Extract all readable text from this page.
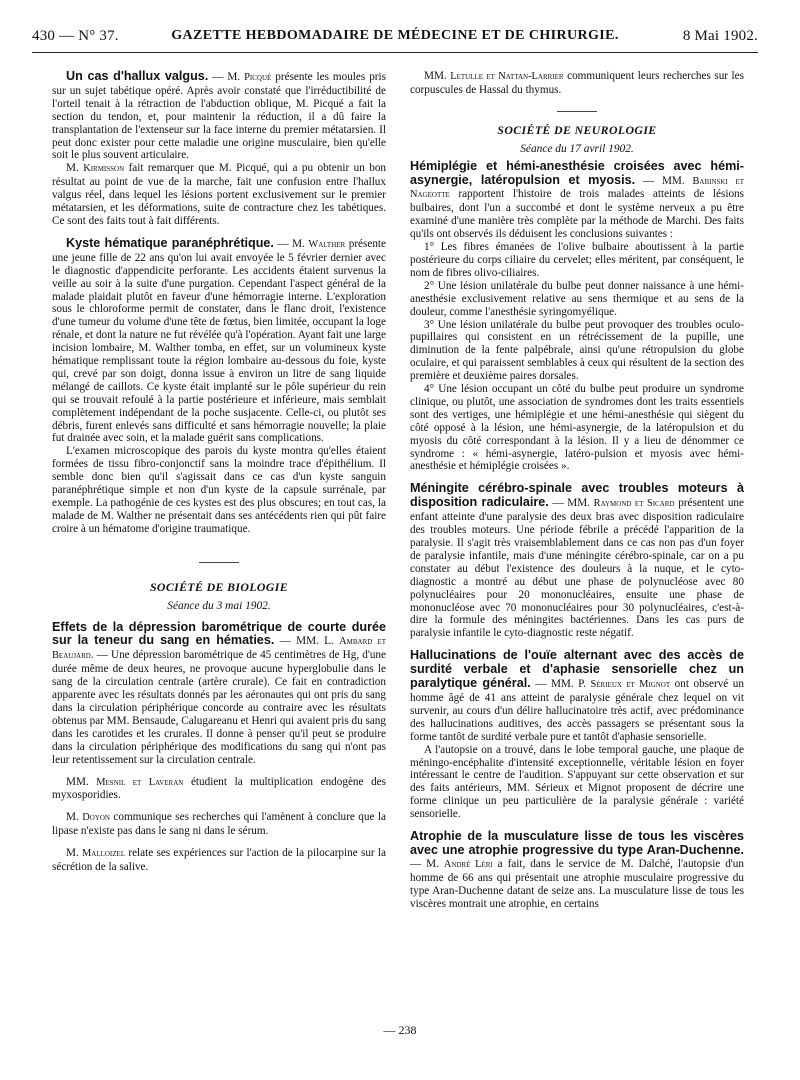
430 — N° 37.	GAZETTE HEBDOMADAIRE DE MÉDECINE ET DE CHIRURGIE.	8 Mai 1902.

Un cas d'hallux valgus. — M. Picqué présente les moules pris sur un sujet tabétique opéré. Après avoir constaté que l'irréductibilité de l'orteil tenait à la rétraction de l'abduction oblique, M. Picqué a fait la section du tendon, et, pour maintenir la réduction, il a dû faire la transplantation de l'extenseur sur la face interne du premier métatarsien. Il peut donc exister pour cette maladie une origine musculaire, bien qu'elle soit le plus souvent articulaire.

M. Kirmisson fait remarquer que M. Picqué, qui a pu obtenir un bon résultat au point de vue de la marche, fait une confusion entre l'hallux valgus réel, dans lequel les lésions portent exclusivement sur le premier métatarsien, et les déformations, suite de contracture chez les tabétiques. Ce sont des faits tout à fait différents.

Kyste hématique paranéphrétique. — M. Walther présente une jeune fille de 22 ans qu'on lui avait envoyée le 5 février dernier avec le diagnostic d'appendicite perforante. Les accidents étaient survenus la veille au soir à la suite d'une purgation. Cependant l'aspect général de la malade plaidait plutôt en faveur d'une hémorragie interne. L'exploration sous le chloroforme permit de constater, dans le flanc droit, l'existence d'une tumeur du volume d'une tête de fœtus, bien limitée, occupant la loge rénale, et dont la nature ne fut révélée qu'à l'opération. Ayant fait une large incision lombaire, M. Walther tomba, en effet, sur un volumineux kyste hématique remplissant toute la région lombaire au-dessous du foie, kyste qui, crevé par son doigt, donna issue à environ un litre de sang liquide mélangé de caillots. Ce kyste était implanté sur le pôle supérieur du rein qui se trouvait refoulé à la partie postérieure et inférieure, mais semblait complètement indépendant de la poche susjacente. Celle-ci, ou plutôt ses débris, furent enlevés sans difficulté et sans hémorragie nouvelle; la plaie fut drainée avec soin, et la malade guérit sans complications.

L'examen microscopique des parois du kyste montra qu'elles étaient formées de tissu fibro-conjonctif sans la moindre trace d'épithélium. Il semble donc bien qu'il s'agissait dans ce cas d'un kyste sanguin paranéphrétique simple et non d'un kyste de la capsule surrénale, par exemple. La pathogénie de ces kystes est des plus obscures; en tout cas, la malade de M. Walther ne présentait dans ses antécédents rien qui pût faire croire à un hématome d'origine traumatique.

SOCIÉTÉ DE BIOLOGIE
Séance du 3 mai 1902.

Effets de la dépression barométrique de courte durée sur la teneur du sang en hématies. — MM. L. Ambard et Beaujard. — Une dépression barométrique de 45 centimètres de Hg, d'une durée même de deux heures, ne provoque aucune hyperglobulie dans le sang de la circulation centrale (artère crurale). Ce fait en contradiction apparente avec les résultats donnés par les aéronautes qui ont pris du sang dans la circulation périphérique concorde au contraire avec les résultats obtenus par MM. Bensaude, Calugareanu et Henri qui avaient pris du sang dans les carotides et les crurales. Il donne à penser qu'il peut se produire dans la circulation périphérique des modifications du sang qui n'ont pas leur retentissement sur la circulation centrale.

MM. Mesnil et Laveran étudient la multiplication endogène des myxosporidies.

M. Doyon communique ses recherches qui l'amènent à conclure que la lipase n'existe pas dans le sang ni dans le sérum.

M. Malloizel relate ses expériences sur l'action de la pilocarpine sur la sécrétion de la salive.

MM. Letulle et Nattan-Larrier communiquent leurs recherches sur les corpuscules de Hassal du thymus.

SOCIÉTÉ DE NEUROLOGIE
Séance du 17 avril 1902.

Hémiplégie et hémi-anesthésie croisées avec hémi-asynergie, latéropulsion et myosis. — MM. Babinski et Nageotte rapportent l'histoire de trois malades atteints de lésions bulbaires, dont l'un a succombé et dont le système nerveux a pu être examiné d'une manière très complète par la méthode de Marchi. Des faits qu'ils ont observés ils déduisent les conclusions suivantes :

1° Les fibres émanées de l'olive bulbaire aboutissent à la partie postérieure du corps ciliaire du cervelet; elles méritent, par conséquent, le nom de fibres olivo-ciliaires.

2° Une lésion unilatérale du bulbe peut donner naissance à une hémi-anesthésie exclusivement relative au sens thermique et au sens de la douleur, comme l'anesthésie syringomyélique.

3° Une lésion unilatérale du bulbe peut provoquer des troubles oculo-pupillaires qui consistent en un rétrécissement de la pupille, une diminution de la fente palpébrale, ainsi qu'une rétropulsion du globe oculaire, et qui paraissent semblables à ceux qui résultent de la section des première et deuxième paires dorsales.

4° Une lésion occupant un côté du bulbe peut produire un syndrome clinique, ou plutôt, une association de syndromes dont les traits essentiels sont des vertiges, une hémiplégie et une hémi-anesthésie qui siègent du côté opposé à la lésion, une hémi-asynergie, de la latéropulsion et du myosis du côté correspondant à la lésion. Il y a lieu de dénommer ce syndrome : « hémi-asynergie, latéro-pulsion et myosis avec hémi-anesthésie et hémiplégie croisées ».

Méningite cérébro-spinale avec troubles moteurs à disposition radiculaire. — MM. Raymond et Sicard présentent une enfant atteinte d'une paralysie des deux bras avec disposition radiculaire des troubles moteurs. Une période fébrile a précédé l'apparition de la paralysie. Il s'agit très vraisemblablement dans ce cas non pas d'un foyer de paralysie infantile, mais d'une méningite cérébro-spinale, car on a pu constater au début l'existence des douleurs à la nuque, et le cyto-diagnostic a montré au début une phase de polynucléose avec 80 polynucléaires pour 20 mononucléaires, ensuite une phase de mononucléose avec 70 mononucléaires pour 30 polynucléaires, c'est-à-dire la formule des méningites bactériennes. Dans les cas purs de paralysie infantile le cyto-diagnostic reste négatif.

Hallucinations de l'ouïe alternant avec des accès de surdité verbale et d'aphasie sensorielle chez un paralytique général. — MM. P. Sérieux et Mignot ont observé un homme âgé de 41 ans atteint de paralysie générale chez lequel on vit survenir, au cours d'un délire hallucinatoire très actif, avec prédominance des hallucinations auditives, des accès passagers se présentant sous la forme tantôt de surdité verbale pure et tantôt d'aphasie sensorielle.

A l'autopsie on a trouvé, dans le lobe temporal gauche, une plaque de méningo-encéphalite d'intensité exceptionnelle, véritable lésion en foyer intéressant le centre de l'audition. S'appuyant sur cette observation et sur des faits antérieurs, MM. Sérieux et Mignot proposent de décrire une forme clinique un peu particulière de la paralysie générale : variété sensorielle.

Atrophie de la musculature lisse de tous les viscères avec une atrophie progressive du type Aran-Duchenne. — M. André Léri a fait, dans le service de M. Dalché, l'autopsie d'un homme de 66 ans qui présentait une atrophie musculaire progressive du type Aran-Duchenne datant de seize ans. La musculature lisse de tous les viscères montrait une atrophie, en certains

— 238
